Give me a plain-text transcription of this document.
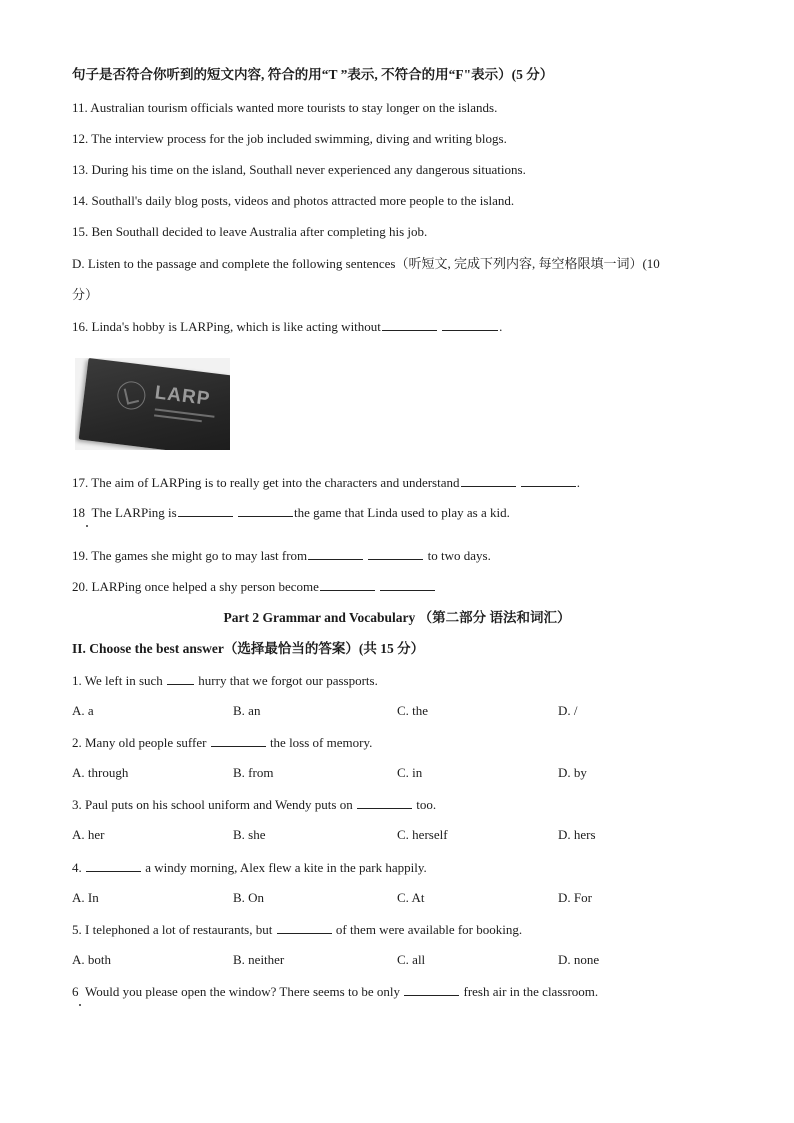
句子是否符合你听到的短文内容, 符合的用“T ”表示, 不符合的用“F"表示）(5 分）
11. Australian tourism officials wanted more tourists to stay longer on the islands.
12. The interview process for the job included swimming, diving and writing blogs.
13. During his time on the island, Southall never experienced any dangerous situations.
14. Southall's daily blog posts, videos and photos attracted more people to the island.
15. Ben Southall decided to leave Australia after completing his job.
D. Listen to the passage and complete the following sentences（听短文, 完成下列内容, 每空格限填一词）(10
分）
16. Linda's hobby is LARPing, which is like acting without	.
LARP
17. The aim of LARPing is to really get into the characters and understand	.
18 The LARPing is	the game that Linda used to play as a kid.
19. The games she might go to may last from	to two days.
20. LARPing once helped a shy person become
Part 2 Grammar and Vocabulary （第二部分 语法和词汇）
II. Choose the best answer（选择最恰当的答案）(共 15 分）
1. We left in such	hurry that we forgot our passports.
A. a	B. an	C. the	D. /
2. Many old people suffer	the loss of memory.
A. through	B. from	C. in	D. by
3. Paul puts on his school uniform and Wendy puts on	too.
A. her	B. she	C. herself	D. hers
4.	a windy morning, Alex flew a kite in the park happily.
A. In	B. On	C. At	D. For
5. I telephoned a lot of restaurants, but	of them were available for booking.
A. both	B. neither	C. all	D. none
6 Would you please open the window? There seems to be only	fresh air in the classroom.
